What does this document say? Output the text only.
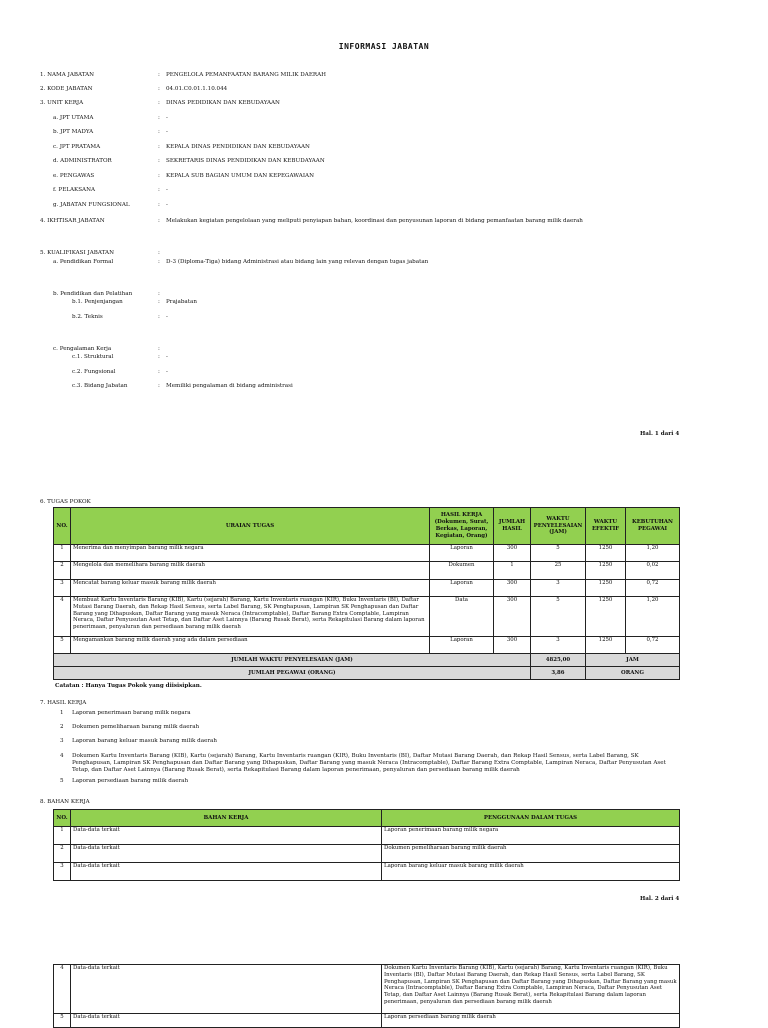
INFORMASI JABATAN
1. NAMA JABATAN	: PENGELOLA PEMANFAATAN BARANG MILIK DAERAH
2. KODE JABATAN	: 04.01.C0.01.1.10.044
3. UNIT KERJA	: DINAS PEDIDIKAN DAN KEBUDAYAAN
a. JPT UTAMA	: -
b. JPT MADYA	: -
c. JPT PRATAMA	: KEPALA DINAS PENDIDIKAN DAN KEBUDAYAAN
d. ADMINISTRATOR	: SEKRETARIS DINAS PENDIDIKAN DAN KEBUDAYAAN
e. PENGAWAS	: KEPALA SUB BAGIAN UMUM DAN KEPEGAWAIAN
f. PELAKSANA	: -
g. JABATAN FUNGSIONAL	: -
4. IKHTISAR JABATAN	: Melakukan kegiatan pengelolaan yang meliputi penyiapan bahan, koordinasi dan penyusunan laporan di bidang pemanfaatan barang milik daerah
5. KUALIFIKASI JABATAN	:
a. Pendidikan Formal	: D-3 (Diploma-Tiga) bidang Administrasi atau bidang lain yang relevan dengan tugas jabatan
b. Pendidikan dan Pelatihan	:
b.1. Penjenjangan	: Prajabatan
b.2. Teknis	: -
c. Pengalaman Kerja	:
c.1. Struktural	: -
c.2. Fungsional	: -
c.3. Bidang Jabatan	: Memiliki pengalaman di bidang administrasi
Hal. 1 dari 4
6. TUGAS POKOK
NO.	URAIAN TUGAS	HASIL KERJA (Dokumen, Surat, Berkas, Laporan, Kegiatan, Orang)	JUMLAH HASIL	WAKTU PENYELESAIAN (JAM)	WAKTU EFEKTIF	KEBUTUHAN PEGAWAI
1	Menerima dan menyimpan barang milik negara	Laporan	300	5	1250	1,20
2	Mengelola dan memelihara barang milik daerah	Dokumen	1	25	1250	0,02
3	Mencatat barang keluar masuk barang milik daerah	Laporan	300	3	1250	0,72
4	Membuat Kartu Inventaris Barang (KIB), Kartu (sejarah) Barang, Kartu Inventaris ruangan (KIR), Buku Inventaris (BI), Daftar Mutasi Barang Daerah, dan Rekap Hasil Sensus, serta Label Barang, SK Penghapusan, Lampiran SK Penghapusan dan Daftar Barang yang Dihapuskan, Daftar Barang yang masuk Neraca (Intracomptable), Daftar Barang Extra Comptable, Lampiran Neraca, Daftar Penyusutan Aset Tetap, dan Daftar Aset Lainnya (Barang Rusak Berat), serta Rekapitulasi Barang dalam laporan penerimaan, penyaluran dan persediaan barang milik daerah	Data	300	5	1250	1,20
5	Mengamankan barang milik daerah yang ada dalam persediaan	Laporan	300	3	1250	0,72
JUMLAH WAKTU PENYELESAIAN (JAM)				4825,00	JAM	
JUMLAH PEGAWAI (ORANG)				3,86	ORANG	
Catatan : Hanya Tugas Pokok yang diisisipkan.
7. HASIL KERJA
1 Laporan penerimaan barang milik negara
2 Dokumen pemeliharaan barang milik daerah
3 Laporan barang keluar masuk barang milik daerah
4 Dokumen Kartu Inventaris Barang (KIB), Kartu (sejarah) Barang, Kartu Inventaris ruangan (KIR), Buku Inventaris (BI), Daftar Mutasi Barang Daerah, dan Rekap Hasil Sensus, serta Label Barang, SK Penghapusan, Lampiran SK Penghapusan dan Daftar Barang yang Dihapuskan, Daftar Barang yang masuk Neraca (Intracomptable), Daftar Barang Extra Comptable, Lampiran Neraca, Daftar Penyusutan Aset Tetap, dan Daftar Aset Lainnya (Barang Rusak Berat), serta Rekapitulasi Barang dalam laporan penerimaan, penyaluran dan persediaan barang milik daerah
5 Laporan persediaan barang milik daerah
8. BAHAN KERJA
NO.	BAHAN KERJA	PENGGUNAAN DALAM TUGAS
1	Data-data terkait	Laporan penerimaan barang milik negara
2	Data-data terkait	Dokumen pemeliharaan barang milik daerah
3	Data-data terkait	Laporan barang keluar masuk barang milik daerah
Hal. 2 dari 4
4	Data-data terkait	Dokumen Kartu Inventaris Barang (KIB), Kartu (sejarah) Barang, Kartu Inventaris ruangan (KIR), Buku Inventaris (BI), Daftar Mutasi Barang Daerah, dan Rekap Hasil Sensus, serta Label Barang, SK Penghapusan, Lampiran SK Penghapusan dan Daftar Barang yang Dihapuskan, Daftar Barang yang masuk Neraca (Intracomptable), Daftar Barang Extra Comptable, Lampiran Neraca, Daftar Penyusutan Aset Tetap, dan Daftar Aset Lainnya (Barang Rusak Berat), serta Rekapitulasi Barang dalam laporan penerimaan, penyaluran dan persediaan barang milik daerah
5	Data-data terkait	Laporan persediaan barang milik daerah
